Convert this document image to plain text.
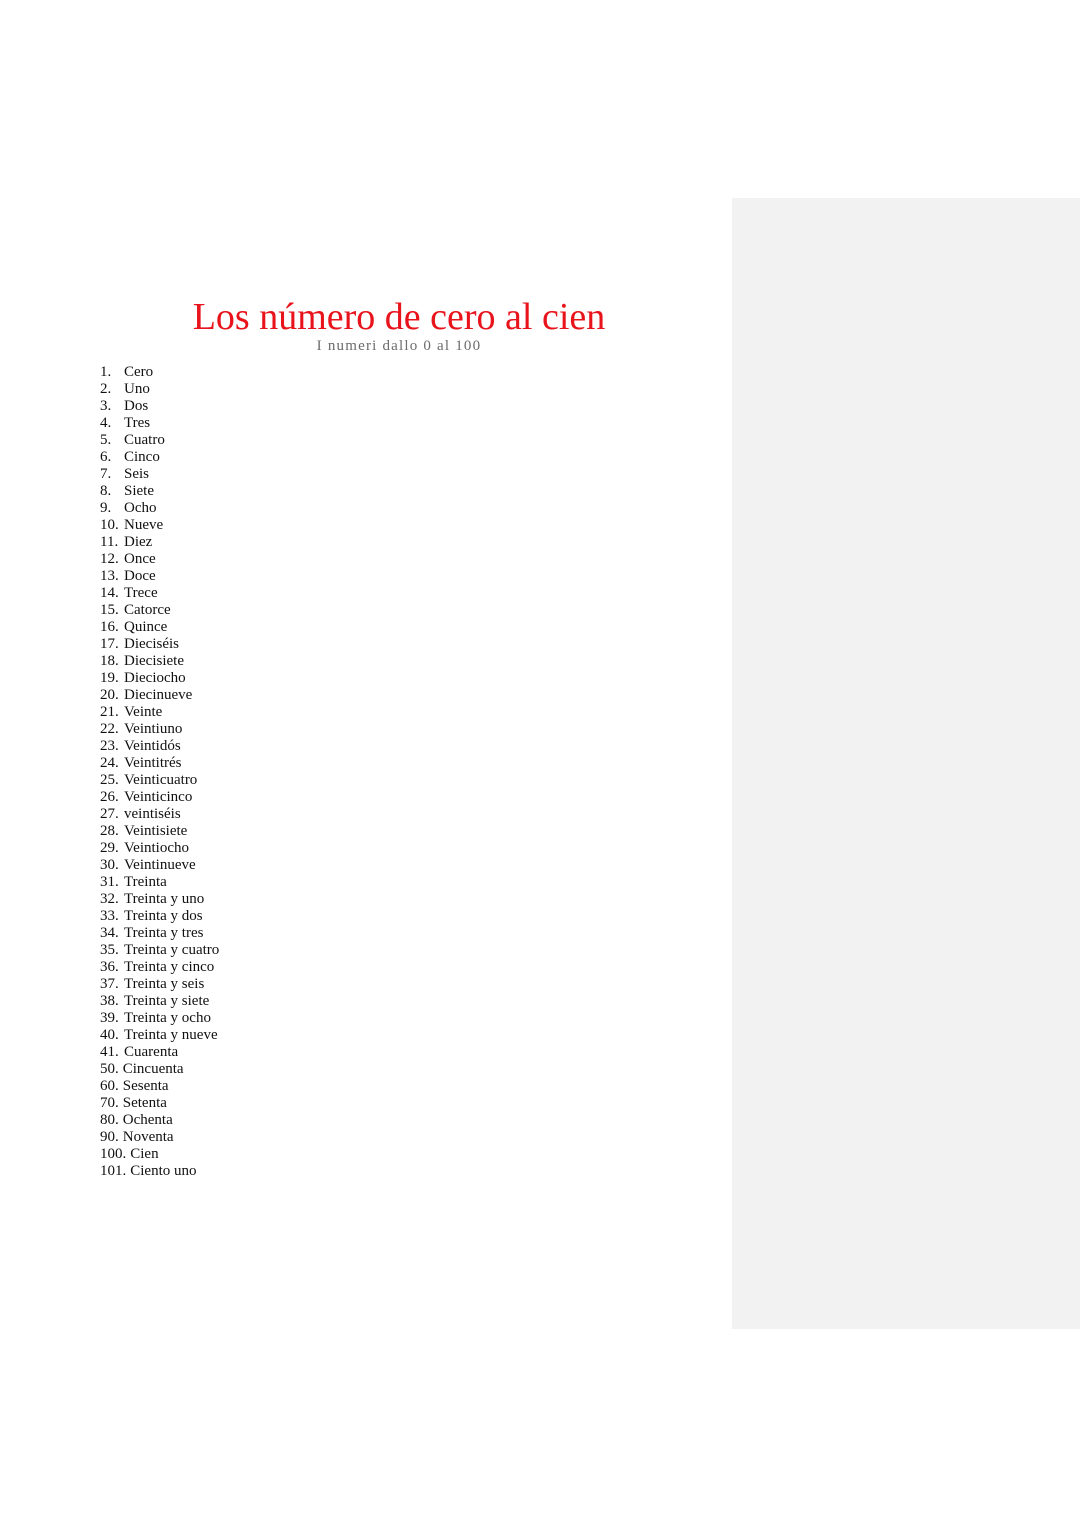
Los número de cero al cien

I numeri dallo 0 al 100

1. Cero
2. Uno
3. Dos
4. Tres
5. Cuatro
6. Cinco
7. Seis
8. Siete
9. Ocho
10. Nueve
11. Diez
12. Once
13. Doce
14. Trece
15. Catorce
16. Quince
17. Dieciséis
18. Diecisiete
19. Dieciocho
20. Diecinueve
21. Veinte
22. Veintiuno
23. Veintidós
24. Veintitrés
25. Veinticuatro
26. Veinticinco
27. veintiséis
28. Veintisiete
29. Veintiocho
30. Veintinueve
31. Treinta
32. Treinta y uno
33. Treinta y dos
34. Treinta y tres
35. Treinta y cuatro
36. Treinta y cinco
37. Treinta y seis
38. Treinta y siete
39. Treinta y ocho
40. Treinta y nueve
41. Cuarenta
50. Cincuenta
60. Sesenta
70. Setenta
80. Ochenta
90. Noventa
100. Cien
101. Ciento uno
